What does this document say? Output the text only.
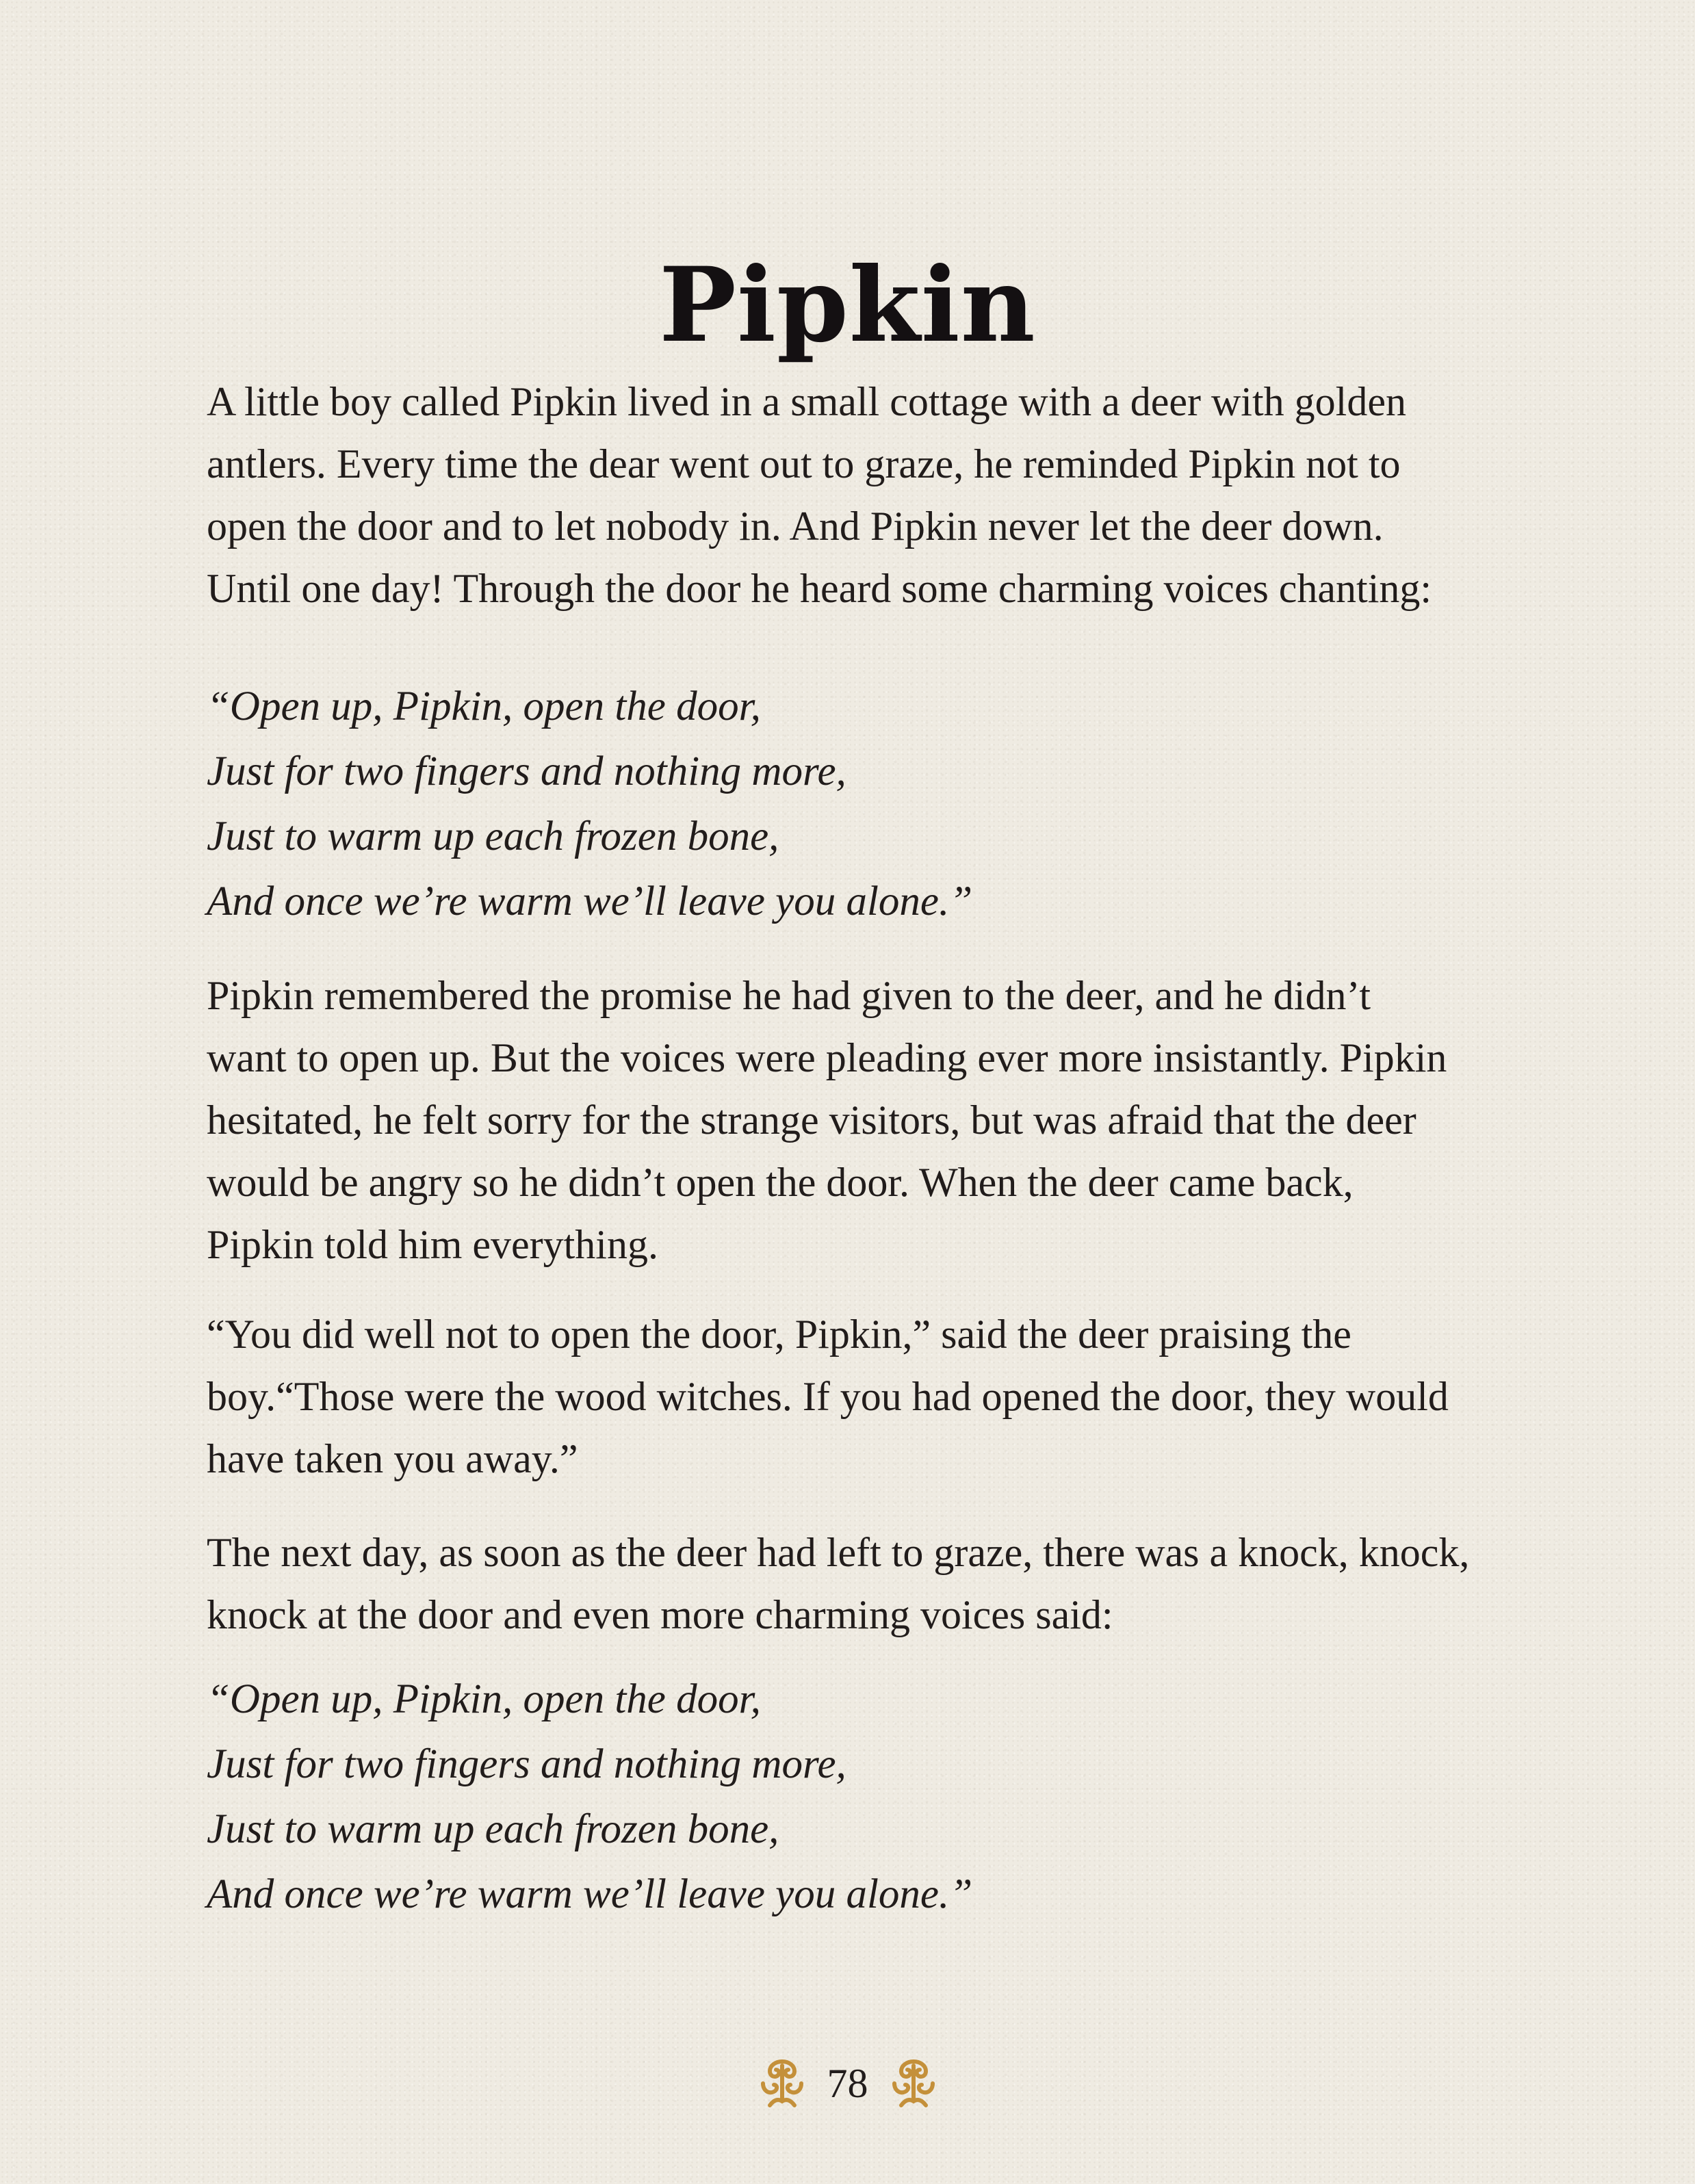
Pipkin
A little boy called Pipkin lived in a small cottage with a deer with golden
antlers. Every time the dear went out to graze, he reminded Pipkin not to
open the door and to let nobody in. And Pipkin never let the deer down.
Until one day! Through the door he heard some charming voices chanting:
“Open up, Pipkin, open the door,
Just for two fingers and nothing more,
Just to warm up each frozen bone,
And once we’re warm we’ll leave you alone.”
Pipkin remembered the promise he had given to the deer, and he didn’t
want to open up. But the voices were pleading ever more insistantly. Pipkin
hesitated, he felt sorry for the strange visitors, but was afraid that the deer
would be angry so he didn’t open the door. When the deer came back,
Pipkin told him everything.
“You did well not to open the door, Pipkin,” said the deer praising the
boy.“Those were the wood witches. If you had opened the door, they would
have taken you away.”
The next day, as soon as the deer had left to graze, there was a knock, knock,
knock at the door and even more charming voices said:
“Open up, Pipkin, open the door,
Just for two fingers and nothing more,
Just to warm up each frozen bone,
And once we’re warm we’ll leave you alone.”
78
